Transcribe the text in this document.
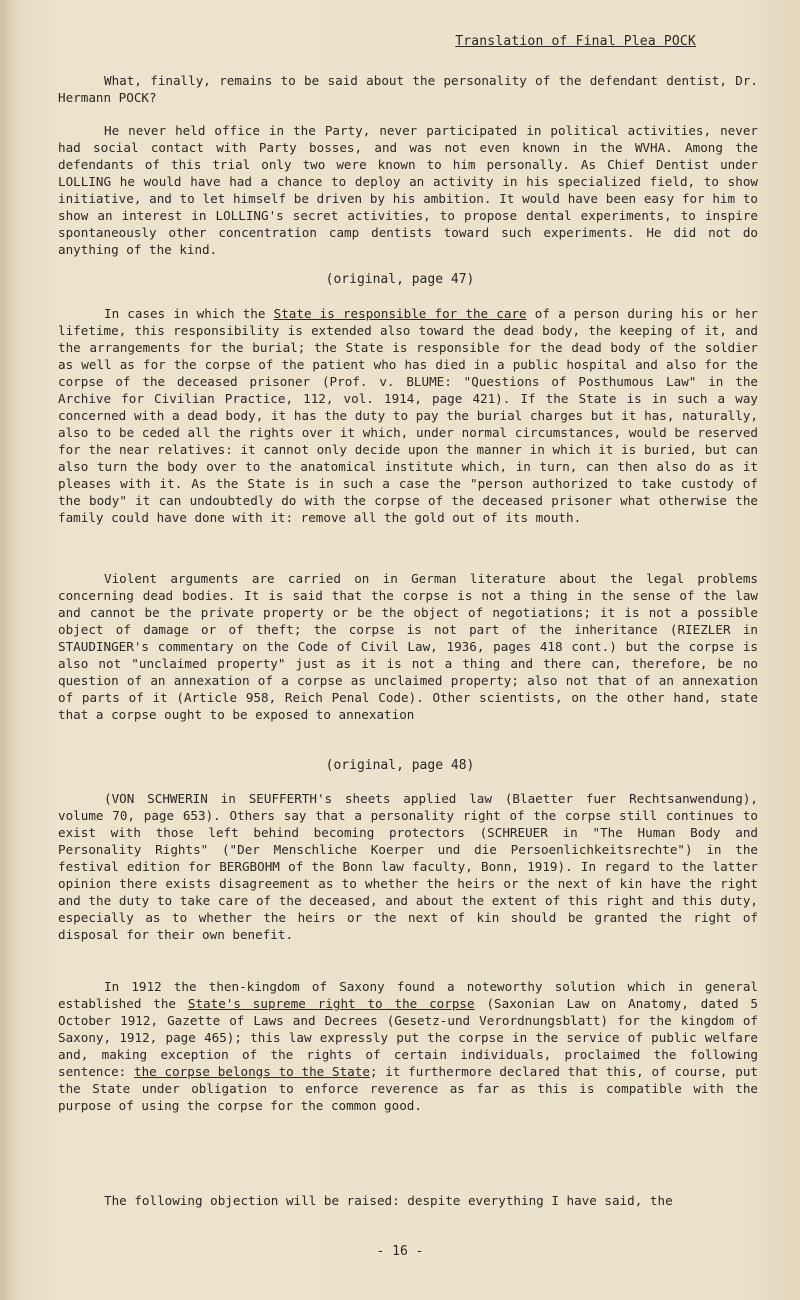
Translation of Final Plea POCK

What, finally, remains to be said about the personality of the defendant dentist, Dr. Hermann POCK?

He never held office in the Party, never participated in political activities, never had social contact with Party bosses, and was not even known in the WVHA. Among the defendants of this trial only two were known to him personally. As Chief Dentist under LOLLING he would have had a chance to deploy an activity in his specialized field, to show initiative, and to let himself be driven by his ambition. It would have been easy for him to show an interest in LOLLING's secret activities, to propose dental experiments, to inspire spontaneously other concentration camp dentists toward such experiments. He did not do anything of the kind.

(original, page 47)

In cases in which the State is responsible for the care of a person during his or her lifetime, this responsibility is extended also toward the dead body, the keeping of it, and the arrangements for the burial; the State is responsible for the dead body of the soldier as well as for the corpse of the patient who has died in a public hospital and also for the corpse of the deceased prisoner (Prof. v. BLUME: "Questions of Posthumous Law" in the Archive for Civilian Practice, 112, vol. 1914, page 421). If the State is in such a way concerned with a dead body, it has the duty to pay the burial charges but it has, naturally, also to be ceded all the rights over it which, under normal circumstances, would be reserved for the near relatives: it cannot only decide upon the manner in which it is buried, but can also turn the body over to the anatomical institute which, in turn, can then also do as it pleases with it. As the State is in such a case the "person authorized to take custody of the body" it can undoubtedly do with the corpse of the deceased prisoner what otherwise the family could have done with it: remove all the gold out of its mouth.

Violent arguments are carried on in German literature about the legal problems concerning dead bodies. It is said that the corpse is not a thing in the sense of the law and cannot be the private property or be the object of negotiations; it is not a possible object of damage or of theft; the corpse is not part of the inheritance (RIEZLER in STAUDINGER's commentary on the Code of Civil Law, 1936, pages 418 cont.) but the corpse is also not "unclaimed property" just as it is not a thing and there can, therefore, be no question of an annexation of a corpse as unclaimed property; also not that of an annexation of parts of it (Article 958, Reich Penal Code). Other scientists, on the other hand, state that a corpse ought to be exposed to annexation

(original, page 48)

(VON SCHWERIN in SEUFFERTH's sheets applied law (Blaetter fuer Rechtsanwendung), volume 70, page 653). Others say that a personality right of the corpse still continues to exist with those left behind becoming protectors (SCHREUER in "The Human Body and Personality Rights" ("Der Menschliche Koerper und die Persoenlichkeitsrechte") in the festival edition for BERGBOHM of the Bonn law faculty, Bonn, 1919). In regard to the latter opinion there exists disagreement as to whether the heirs or the next of kin have the right and the duty to take care of the deceased, and about the extent of this right and this duty, especially as to whether the heirs or the next of kin should be granted the right of disposal for their own benefit.

In 1912 the then-kingdom of Saxony found a noteworthy solution which in general established the State's supreme right to the corpse (Saxonian Law on Anatomy, dated 5 October 1912, Gazette of Laws and Decrees (Gesetz-und Verordnungsblatt) for the kingdom of Saxony, 1912, page 465); this law expressly put the corpse in the service of public welfare and, making exception of the rights of certain individuals, proclaimed the following sentence: the corpse belongs to the State; it furthermore declared that this, of course, put the State under obligation to enforce reverence as far as this is compatible with the purpose of using the corpse for the common good.

The following objection will be raised: despite everything I have said, the

- 16 -
